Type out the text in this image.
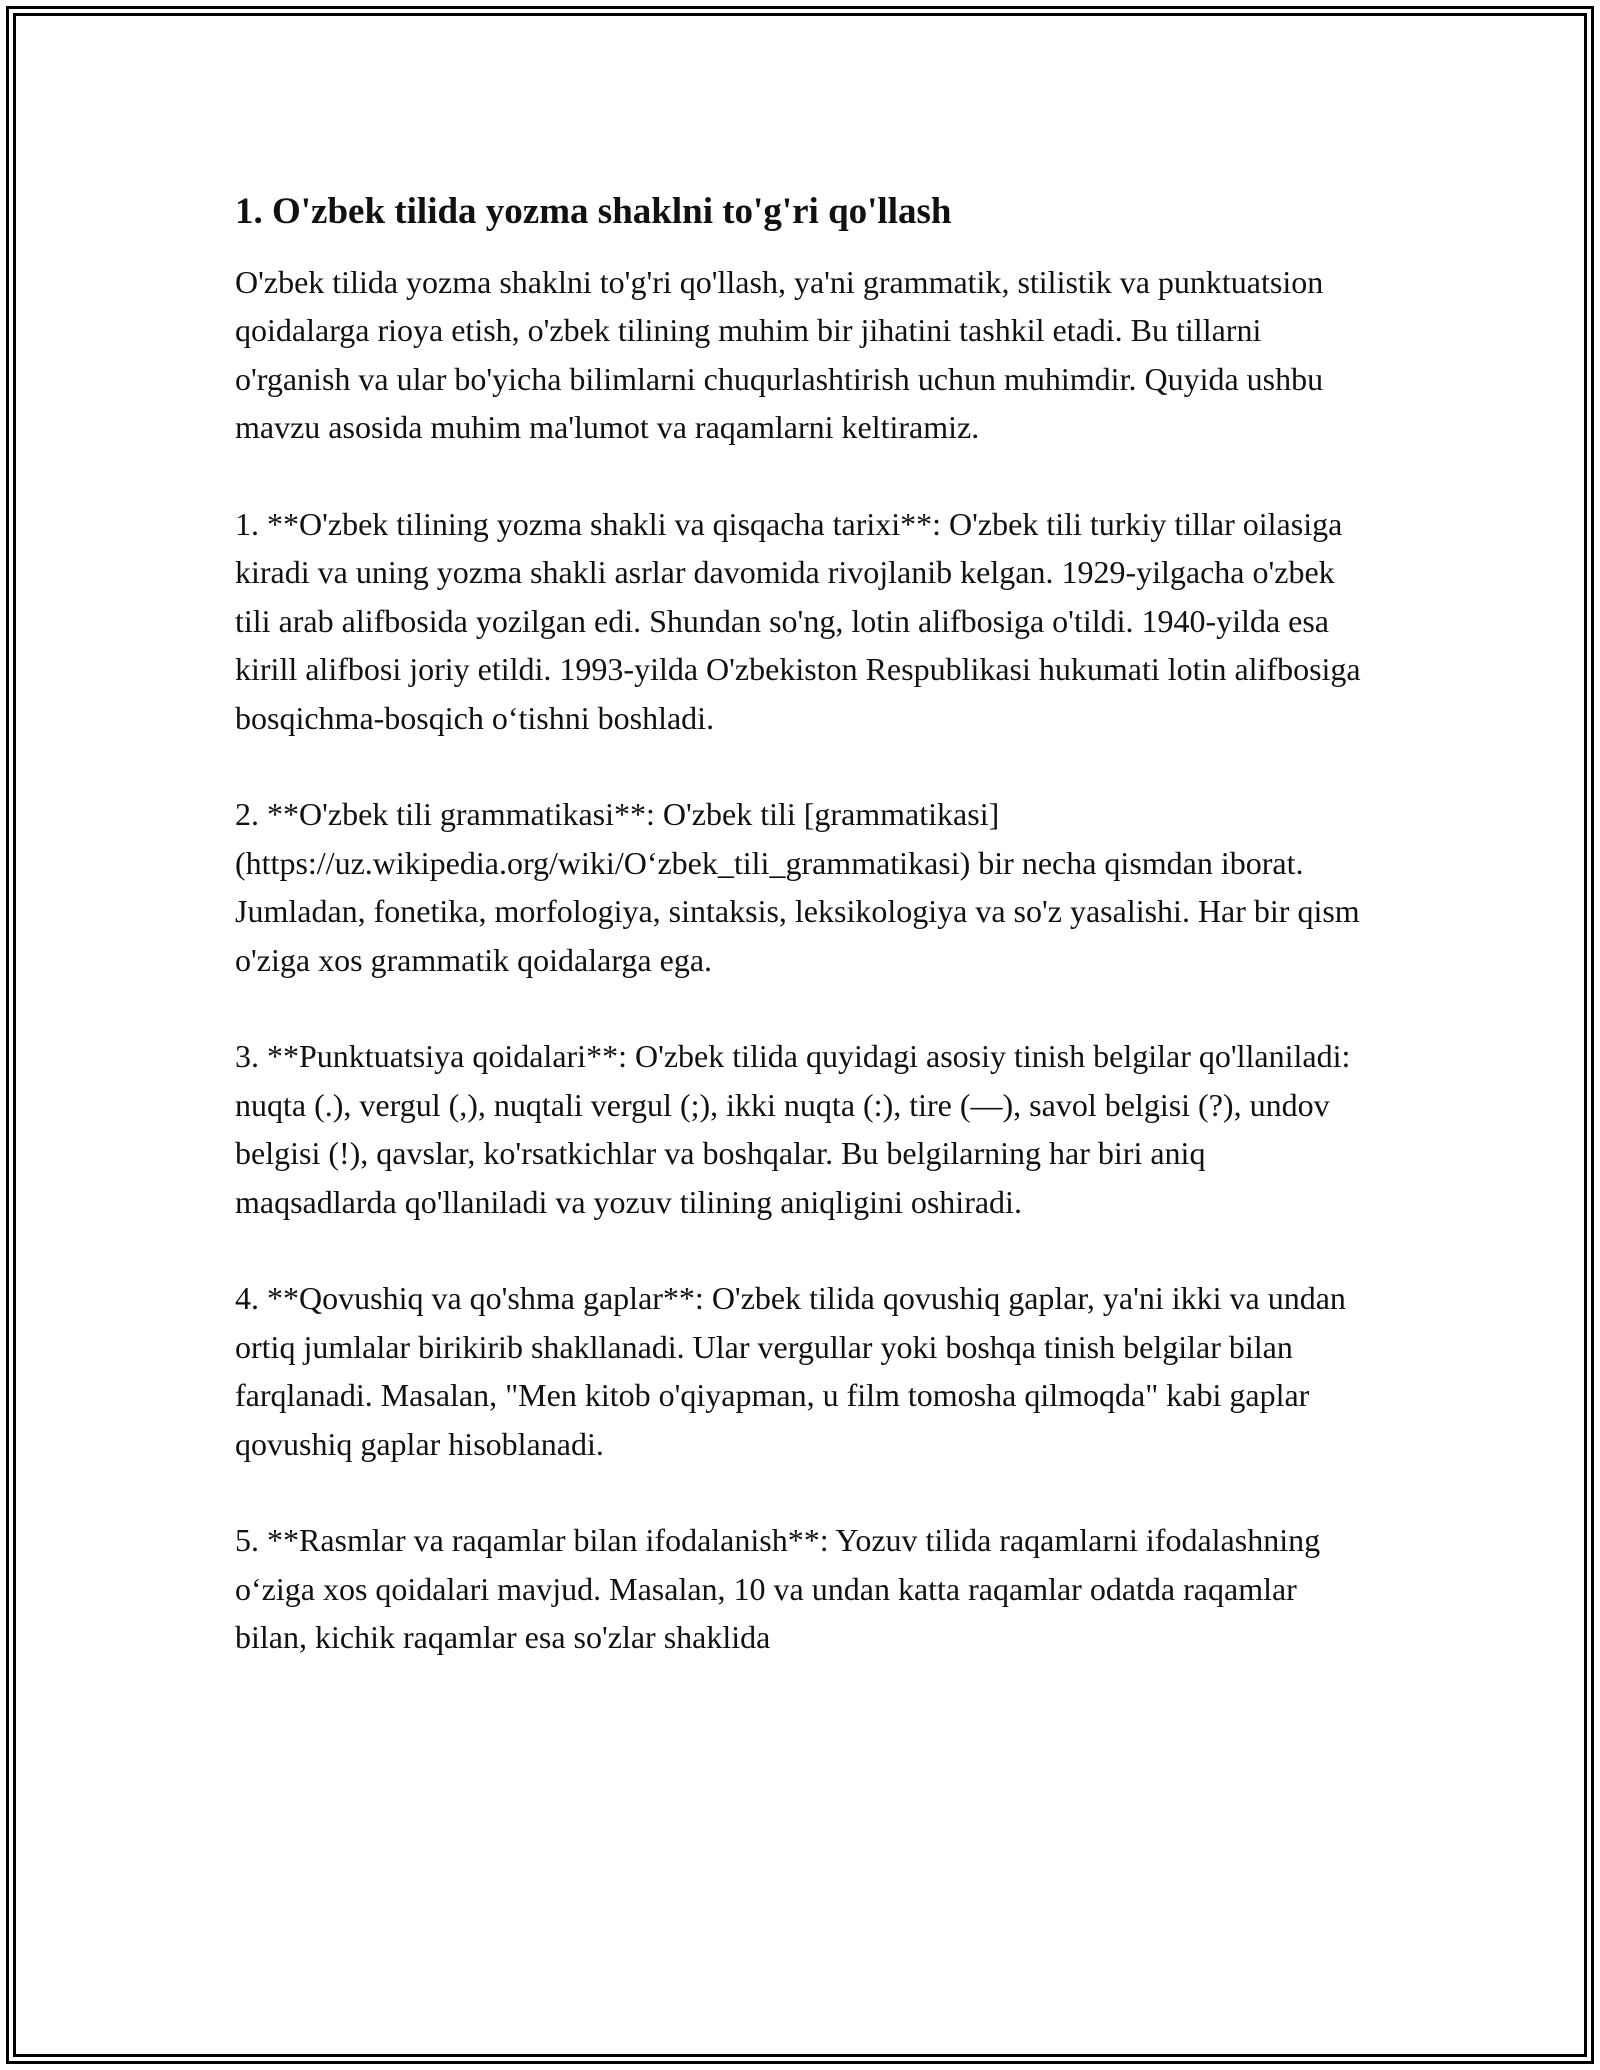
1. O'zbek tilida yozma shaklni to'g'ri qo'llash

O'zbek tilida yozma shaklni to'g'ri qo'llash, ya'ni grammatik, stilistik va punktuatsion qoidalarga rioya etish, o'zbek tilining muhim bir jihatini tashkil etadi. Bu tillarni o'rganish va ular bo'yicha bilimlarni chuqurlashtirish uchun muhimdir. Quyida ushbu mavzu asosida muhim ma'lumot va raqamlarni keltiramiz.

1. **O'zbek tilining yozma shakli va qisqacha tarixi**: O'zbek tili turkiy tillar oilasiga kiradi va uning yozma shakli asrlar davomida rivojlanib kelgan. 1929-yilgacha o'zbek tili arab alifbosida yozilgan edi. Shundan so'ng, lotin alifbosiga o'tildi. 1940-yilda esa kirill alifbosi joriy etildi. 1993-yilda O'zbekiston Respublikasi hukumati lotin alifbosiga bosqichma-bosqich o‘tishni boshladi.

2. **O'zbek tili grammatikasi**: O'zbek tili [grammatikasi](https://uz.wikipedia.org/wiki/O‘zbek_tili_grammatikasi) bir necha qismdan iborat. Jumladan, fonetika, morfologiya, sintaksis, leksikologiya va so'z yasalishi. Har bir qism o'ziga xos grammatik qoidalarga ega.

3. **Punktuatsiya qoidalari**: O'zbek tilida quyidagi asosiy tinish belgilar qo'llaniladi: nuqta (.), vergul (,), nuqtali vergul (;), ikki nuqta (:), tire (—), savol belgisi (?), undov belgisi (!), qavslar, ko'rsatkichlar va boshqalar. Bu belgilarning har biri aniq maqsadlarda qo'llaniladi va yozuv tilining aniqligini oshiradi.

4. **Qovushiq va qo'shma gaplar**: O'zbek tilida qovushiq gaplar, ya'ni ikki va undan ortiq jumlalar birikirib shakllanadi. Ular vergullar yoki boshqa tinish belgilar bilan farqlanadi. Masalan, "Men kitob o'qiyapman, u film tomosha qilmoqda" kabi gaplar qovushiq gaplar hisoblanadi.

5. **Rasmlar va raqamlar bilan ifodalanish**: Yozuv tilida raqamlarni ifodalashning o‘ziga xos qoidalari mavjud. Masalan, 10 va undan katta raqamlar odatda raqamlar bilan, kichik raqamlar esa so'zlar shaklida
